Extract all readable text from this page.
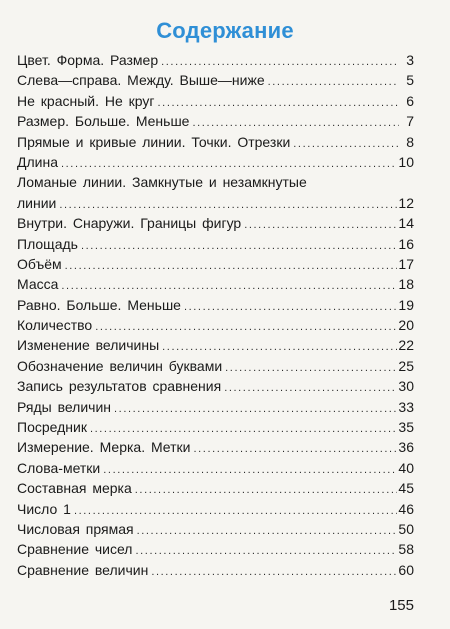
Содержание
Цвет. Форма. Размер .....	3
Слева—справа. Между. Выше—ниже .....	5
Не красный. Не круг .....	6
Размер. Больше. Меньше .....	7
Прямые и кривые линии. Точки. Отрезки .....	8
Длина .....	10
Ломаные линии. Замкнутые и незамкнутые
линии .....	12
Внутри. Снаружи. Границы фигур .....	14
Площадь .....	16
Объём .....	17
Масса .....	18
Равно. Больше. Меньше .....	19
Количество .....	20
Изменение величины .....	22
Обозначение величин буквами .....	25
Запись результатов сравнения .....	30
Ряды величин .....	33
Посредник .....	35
Измерение. Мерка. Метки .....	36
Слова-метки .....	40
Составная мерка .....	45
Число 1 .....	46
Числовая прямая .....	50
Сравнение чисел .....	58
Сравнение величин .....	60
155
